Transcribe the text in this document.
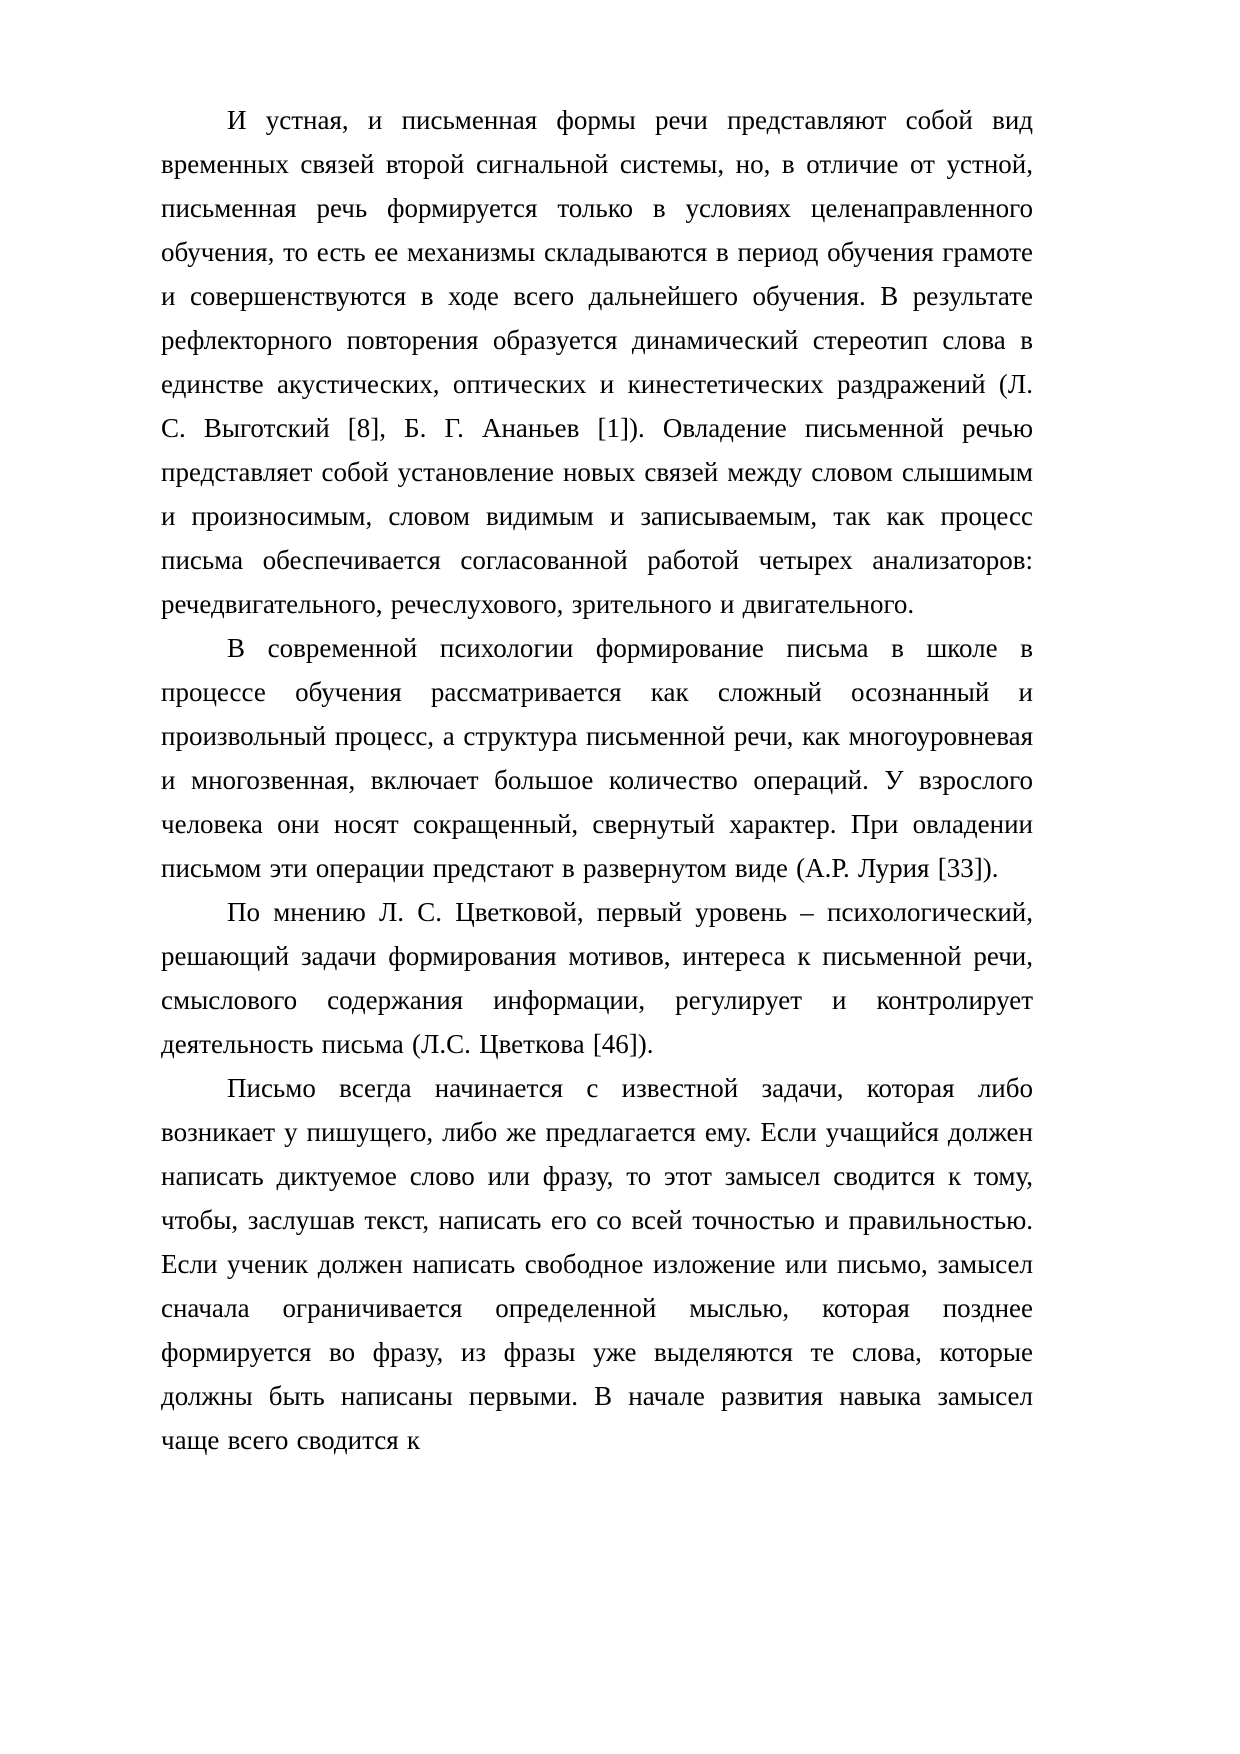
И устная, и письменная формы речи представляют собой вид временных связей второй сигнальной системы, но, в отличие от устной, письменная речь формируется только в условиях целенаправленного обучения, то есть ее механизмы складываются в период обучения грамоте и совершенствуются в ходе всего дальнейшего обучения. В результате рефлекторного повторения образуется динамический стереотип слова в единстве акустических, оптических и кинестетических раздражений (Л. С. Выготский [8], Б. Г. Ананьев [1]). Овладение письменной речью представляет собой установление новых связей между словом слышимым и произносимым, словом видимым и записываемым, так как процесс письма обеспечивается согласованной работой четырех анализаторов: речедвигательного, речеслухового, зрительного и двигательного.

В современной психологии формирование письма в школе в процессе обучения рассматривается как сложный осознанный и произвольный процесс, а структура письменной речи, как многоуровневая и многозвенная, включает большое количество операций. У взрослого человека они носят сокращенный, свернутый характер. При овладении письмом эти операции предстают в развернутом виде (А.Р. Лурия [33]).

По мнению Л. С. Цветковой, первый уровень – психологический, решающий задачи формирования мотивов, интереса к письменной речи, смыслового содержания информации, регулирует и контролирует деятельность письма (Л.С. Цветкова [46]).

Письмо всегда начинается с известной задачи, которая либо возникает у пишущего, либо же предлагается ему. Если учащийся должен написать диктуемое слово или фразу, то этот замысел сводится к тому, чтобы, заслушав текст, написать его со всей точностью и правильностью. Если ученик должен написать свободное изложение или письмо, замысел сначала ограничивается определенной мыслью, которая позднее формируется во фразу, из фразы уже выделяются те слова, которые должны быть написаны первыми. В начале развития навыка замысел чаще всего сводится к
